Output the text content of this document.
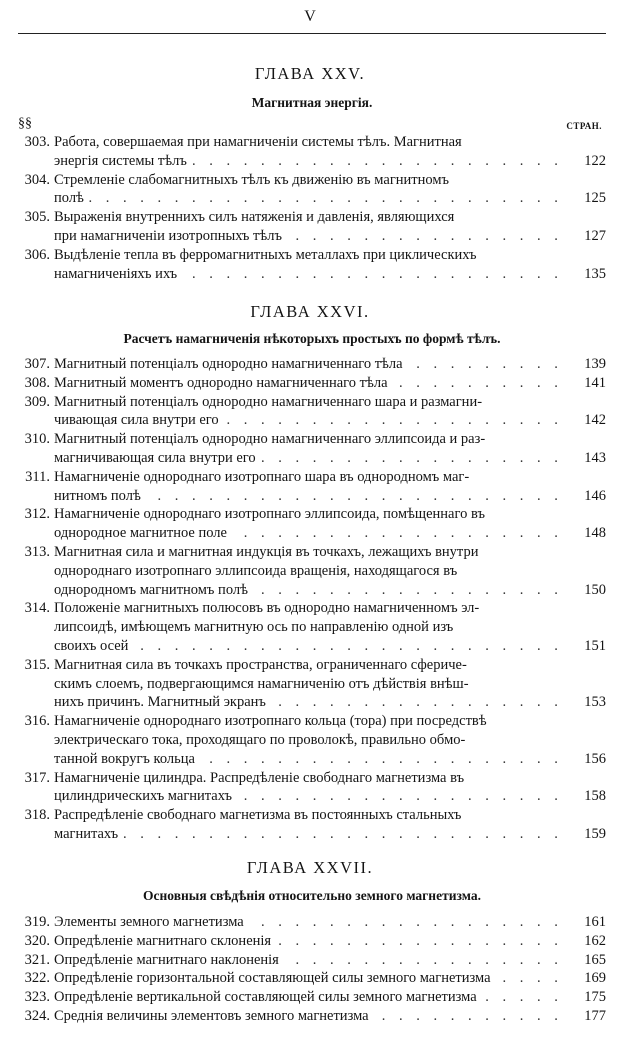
V
ГЛАВА XXV.
Магнитная энергія.
§§	СТРАН.
303. Работа, совершаемая при намагниченіи системы тѣлъ. Магнитная
энергія системы тѣлъ . . .	122
304. Стремленіе слабомагнитныхъ тѣлъ къ движенію въ магнитномъ
полѣ . . .	125
305. Выраженія внутреннихъ силъ натяженія и давленія, являющихся
при намагниченіи изотропныхъ тѣлъ . . .	127
306. Выдѣленіе тепла въ ферромагнитныхъ металлахъ при циклическихъ
намагниченіяхъ ихъ . . .	135
ГЛАВА XXVI.
Расчетъ намагниченія нѣкоторыхъ простыхъ по формѣ тѣлъ.
307. Магнитный потенціалъ однородно намагниченнаго тѣла . . .	139
308. Магнитный моментъ однородно намагниченнаго тѣла . . .	141
309. Магнитный потенціалъ однородно намагниченнаго шара и размагни-
чивающая сила внутри его . . .	142
310. Магнитный потенціалъ однородно намагниченнаго эллипсоида и раз-
магничивающая сила внутри его . . .	143
311. Намагниченіе однороднаго изотропнаго шара въ однородномъ маг-
нитномъ полѣ . . .	146
312. Намагниченіе однороднаго изотропнаго эллипсоида, помѣщеннаго въ
однородное магнитное поле . . .	148
313. Магнитная сила и магнитная индукція въ точкахъ, лежащихъ внутри
однороднаго изотропнаго эллипсоида вращенія, находящагося въ
однородномъ магнитномъ полѣ . . .	150
314. Положеніе магнитныхъ полюсовъ въ однородно намагниченномъ эл-
липсоидѣ, имѣющемъ магнитную ось по направленію одной изъ
своихъ осей . . .	151
315. Магнитная сила въ точкахъ пространства, ограниченнаго сфериче-
скимъ слоемъ, подвергающимся намагниченію отъ дѣйствія внѣш-
нихъ причинъ. Магнитный экранъ . . .	153
316. Намагниченіе однороднаго изотропнаго кольца (тора) при посредствѣ
электрическаго тока, проходящаго по проволокѣ, правильно обмо-
танной вокругъ кольца . . .	156
317. Намагниченіе цилиндра. Распредѣленіе свободнаго магнетизма въ
цилиндрическихъ магнитахъ . . .	158
318. Распредѣленіе свободнаго магнетизма въ постоянныхъ стальныхъ
магнитахъ . . .	159
ГЛАВА XXVII.
Основныя свѣдѣнія относительно земного магнетизма.
319. Элементы земного магнетизма . . .	161
320. Опредѣленіе магнитнаго склоненія . . .	162
321. Опредѣленіе магнитнаго наклоненія . . .	165
322. Опредѣленіе горизонтальной составляющей силы земного магнетизма . . .	169
323. Опредѣленіе вертикальной составляющей силы земного магнетизма . . .	175
324. Среднія величины элементовъ земного магнетизма . . .	177
